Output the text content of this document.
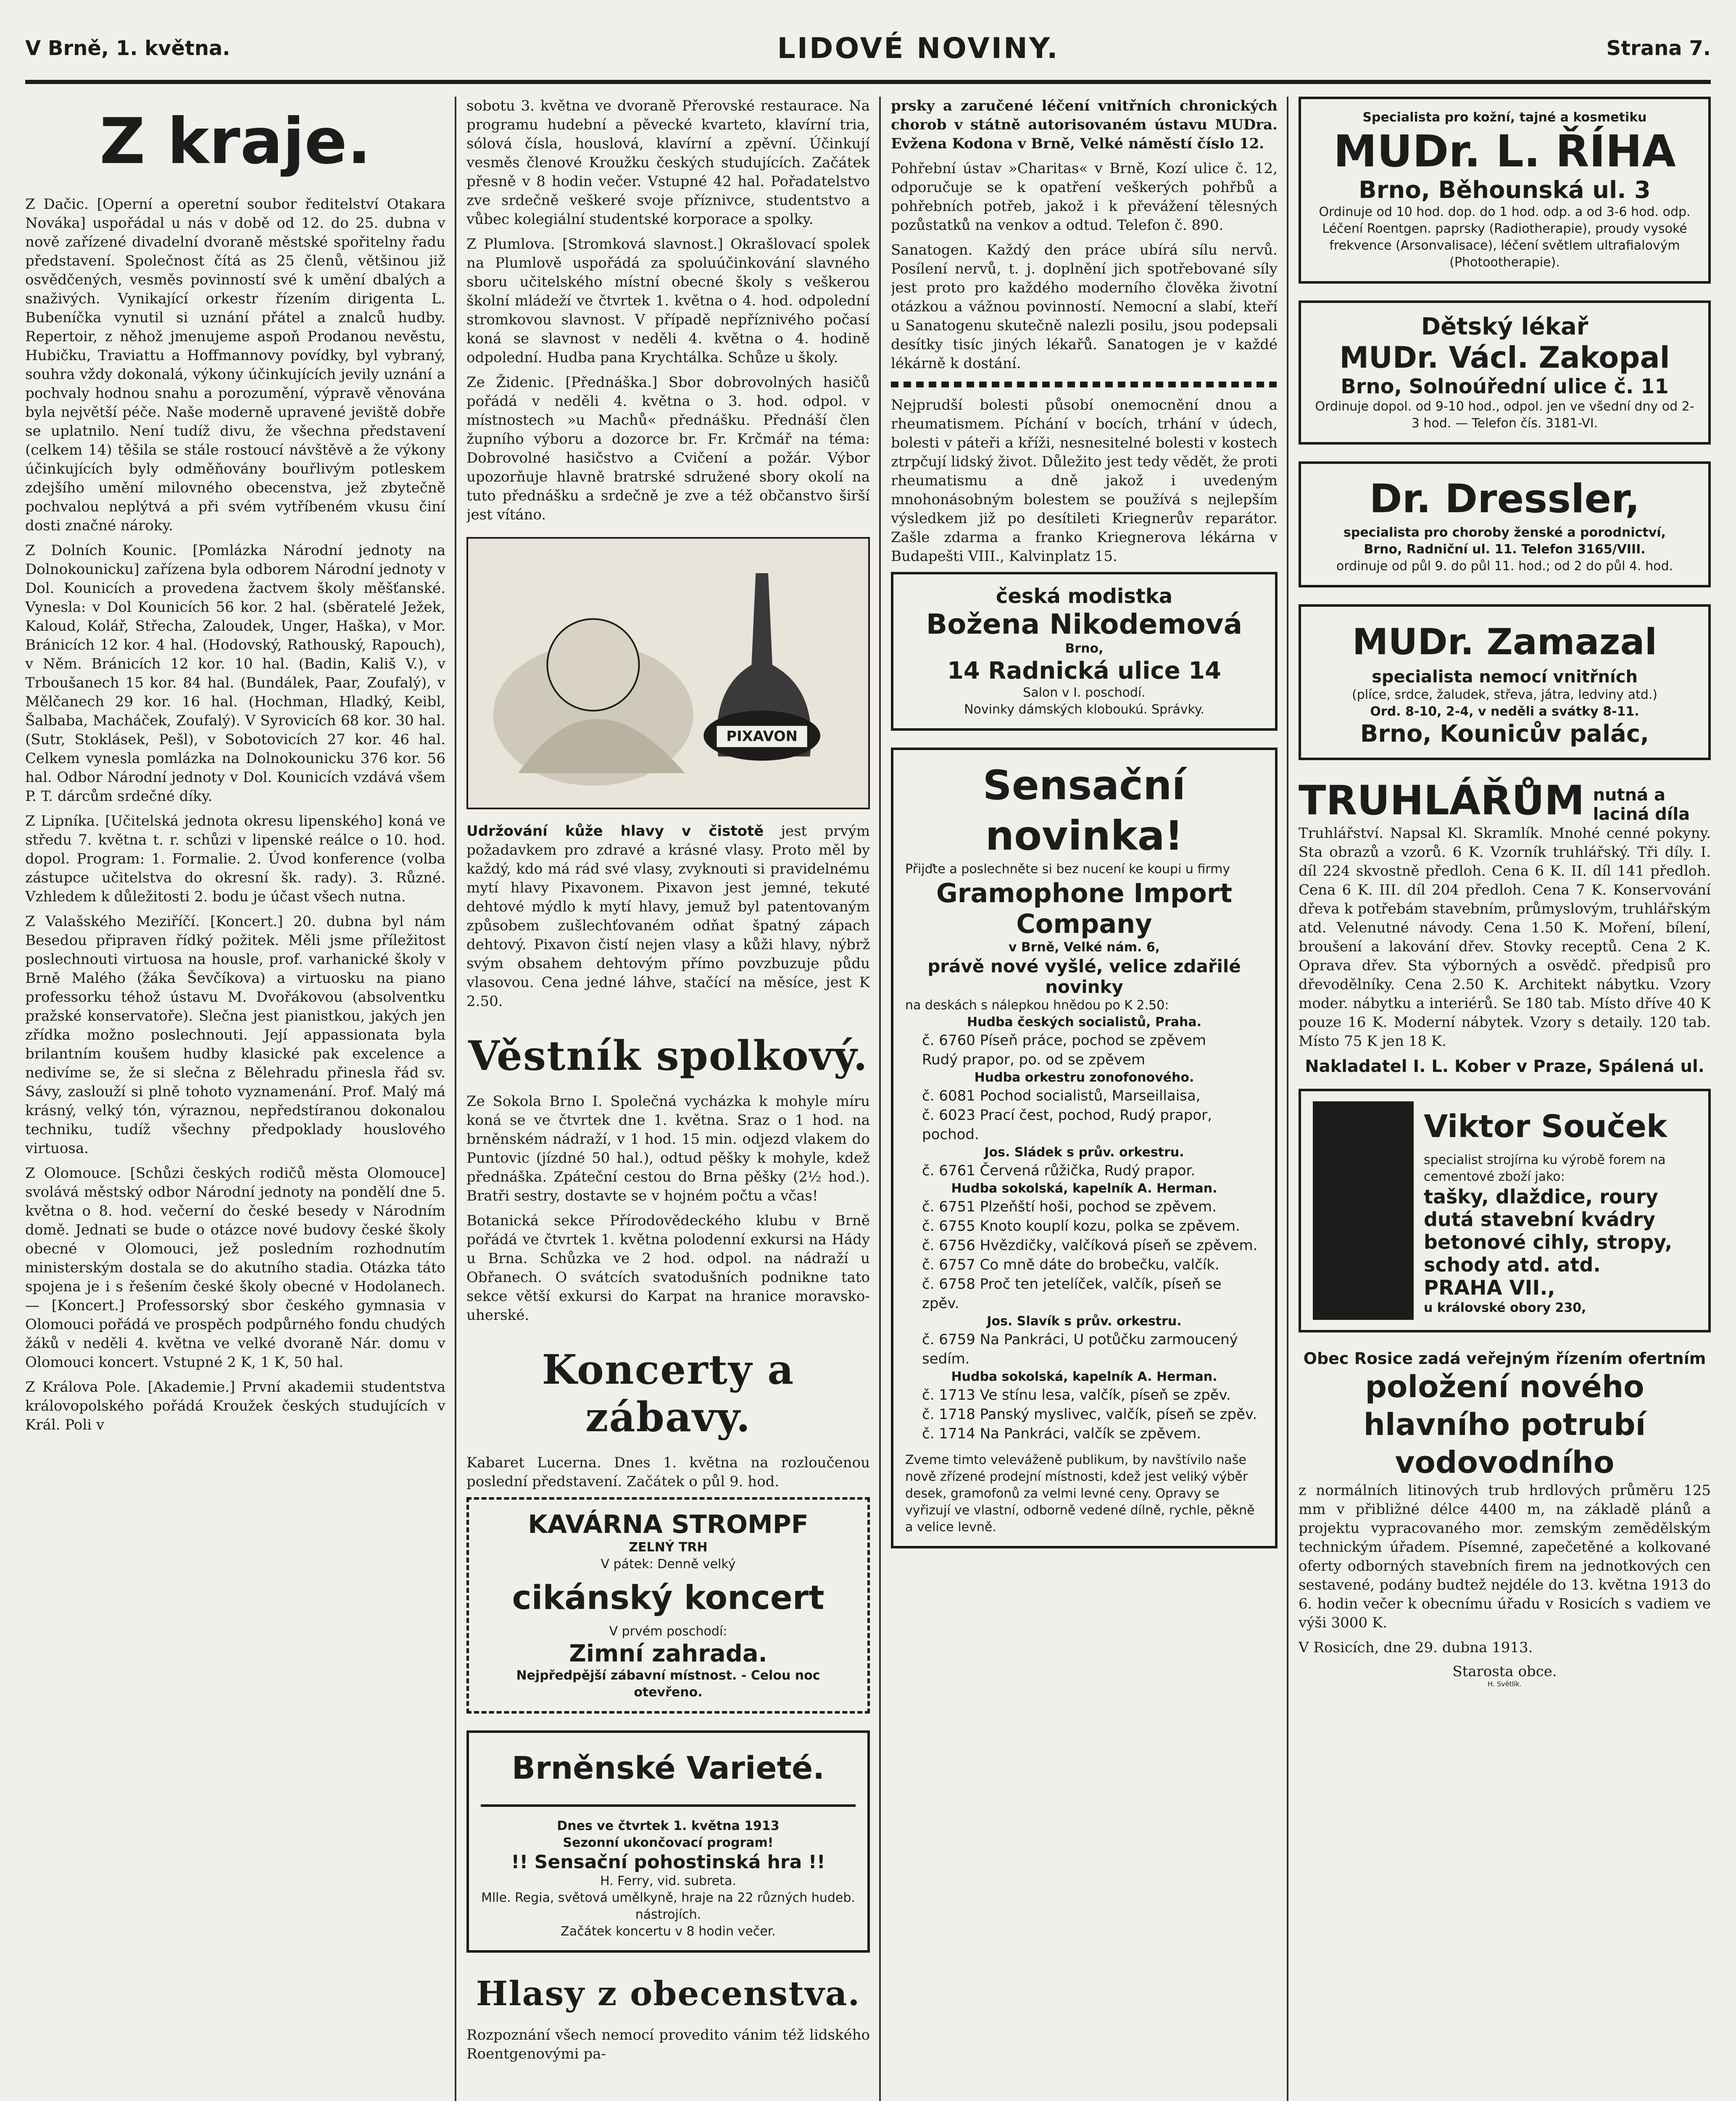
V Brně, 1. května.	LIDOVÉ NOVINY.	Strana 7.
Z kraje.

Z Dačic. [Operní a operetní soubor ředitelství Otakara Nováka] uspořádal u nás v době od 12. do 25. dubna v nově zařízené divadelní dvoraně městské spořitelny řadu představení. Společnost čítá as 25 členů, většinou již osvědčených, vesměs povinností své k umění dbalých a snaživých. Vynikající orkestr řízením dirigenta L. Bubeníčka vynutil si uznání přátel a znalců hudby. Repertoir, z něhož jmenujeme aspoň Prodanou nevěstu, Hubičku, Traviattu a Hoffmannovy povídky, byl vybraný, souhra vždy dokonalá, výkony účinkujících jevily uznání a pochvaly hodnou snahu a porozumění, výpravě věnována byla největší péče. Naše moderně upravené jeviště dobře se uplatnilo. Není tudíž divu, že všechna představení (celkem 14) těšila se stále rostoucí návštěvě a že výkony účinkujících byly odměňovány bouřlivým potleskem zdejšího umění milovného obecenstva, jež zbytečně pochvalou neplýtvá a při svém vytříbeném vkusu činí dosti značné nároky.

Z Dolních Kounic. [Pomlázka Národní jednoty na Dolnokounicku] zařízena byla odborem Národní jednoty v Dol. Kounicích a provedena žactvem školy měšťanské. Vynesla: v Dol Kounicích 56 kor. 2 hal. (sběratelé Ježek, Kaloud, Kolář, Střecha, Zaloudek, Unger, Haška), v Mor. Bránicích 12 kor. 4 hal. (Hodovský, Rathouský, Rapouch), v Něm. Bránicích 12 kor. 10 hal. (Badin, Kališ V.), v Trboušanech 15 kor. 84 hal. (Bundálek, Paar, Zoufalý), v Mělčanech 29 kor. 16 hal. (Hochman, Hladký, Keibl, Šalbaba, Macháček, Zoufalý). V Syrovicích 68 kor. 30 hal. (Sutr, Stoklásek, Pešl), v Sobotovicích 27 kor. 46 hal. Celkem vynesla pomlázka na Dolnokounicku 376 kor. 56 hal. Odbor Národní jednoty v Dol. Kounicích vzdává všem P. T. dárcům srdečné díky.

Z Lipníka. [Učitelská jednota okresu lipenského] koná ve středu 7. května t. r. schůzi v lipenské reálce o 10. hod. dopol. Program: 1. Formalie. 2. Úvod konference (volba zástupce učitelstva do okresní šk. rady). 3. Různé. Vzhledem k důležitosti 2. bodu je účast všech nutna.

Z Valašského Meziříčí. [Koncert.] 20. dubna byl nám Besedou připraven řídký požitek. Měli jsme příležitost poslechnouti virtuosa na housle, prof. varhanické školy v Brně Malého (žáka Ševčíkova) a virtuosku na piano professorku téhož ústavu M. Dvořákovou (absolventku pražské konservatoře). Slečna jest pianistkou, jakých jen zřídka možno poslechnouti. Její appassionata byla brilantním koušem hudby klasické pak excelence a nedivíme se, že si slečna z Bělehradu přinesla řád sv. Sávy, zaslouží si plně tohoto vyznamenání. Prof. Malý má krásný, velký tón, výraznou, nepředstíranou dokonalou techniku, tudíž všechny předpoklady houslového virtuosa.

Z Olomouce. [Schůzi českých rodičů města Olomouce] svolává městský odbor Národní jednoty na pondělí dne 5. května o 8. hod. večerní do české besedy v Národním domě. Jednati se bude o otázce nové budovy české školy obecné v Olomouci, jež posledním rozhodnutím ministerským dostala se do akutního stadia. Otázka táto spojena je i s řešením české školy obecné v Hodolanech. — [Koncert.] Professorský sbor českého gymnasia v Olomouci pořádá ve prospěch podpůrného fondu chudých žáků v neděli 4. května ve velké dvoraně Nár. domu v Olomouci koncert. Vstupné 2 K, 1 K, 50 hal.

Z Králova Pole. [Akademie.] První akademii studentstva královopolského pořádá Kroužek českých studujících v Král. Poli v

sobotu 3. května ve dvoraně Přerovské restaurace. Na programu hudební a pěvecké kvarteto, klavírní tria, sólová čísla, houslová, klavírní a zpěvní. Účinkují vesměs členové Kroužku českých studujících. Začátek přesně v 8 hodin večer. Vstupné 42 hal. Pořadatelstvo zve srdečně veškeré svoje příznivce, studentstvo a vůbec kolegiální studentské korporace a spolky.

Z Plumlova. [Stromková slavnost.] Okrašlovací spolek na Plumlově uspořádá za spoluúčinkování slavného sboru učitelského místní obecné školy s veškerou školní mládeží ve čtvrtek 1. května o 4. hod. odpolední stromkovou slavnost. V případě nepříznivého počasí koná se slavnost v neděli 4. května o 4. hodině odpolední. Hudba pana Krychtálka. Schůze u školy.

Ze Židenic. [Přednáška.] Sbor dobrovolných hasičů pořádá v neděli 4. května o 3. hod. odpol. v místnostech »u Machů« přednášku. Přednáší člen župního výboru a dozorce br. Fr. Krčmář na téma: Dobrovolné hasičstvo a Cvičení a požár. Výbor upozorňuje hlavně bratrské sdružené sbory okolí na tuto přednášku a srdečně je zve a též občanstvo širší jest vítáno.

PIXAVON

Udržování kůže hlavy v čistotě jest prvým požadavkem pro zdravé a krásné vlasy. Proto měl by každý, kdo má rád své vlasy, zvyknouti si pravidelnému mytí hlavy Pixavonem. Pixavon jest jemné, tekuté dehtové mýdlo k mytí hlavy, jemuž byl patentovaným způsobem zušlechťovaném odňat špatný zápach dehtový. Pixavon čistí nejen vlasy a kůži hlavy, nýbrž svým obsahem dehtovým přímo povzbuzuje půdu vlasovou. Cena jedné láhve, stačící na měsíce, jest K 2.50.

Věstník spolkový.

Ze Sokola Brno I. Společná vycházka k mohyle míru koná se ve čtvrtek dne 1. května. Sraz o 1 hod. na brněnském nádraží, v 1 hod. 15 min. odjezd vlakem do Puntovic (jízdné 50 hal.), odtud pěšky k mohyle, kdež přednáška. Zpáteční cestou do Brna pěšky (2½ hod.). Bratři sestry, dostavte se v hojném počtu a včas!

Botanická sekce Přírodovědeckého klubu v Brně pořádá ve čtvrtek 1. května polodenní exkursi na Hády u Brna. Schůzka ve 2 hod. odpol. na nádraží u Obřanech. O svátcích svatodušních podnikne tato sekce větší exkursi do Karpat na hranice moravsko-uherské.

Koncerty a zábavy.

Kabaret Lucerna. Dnes 1. května na rozloučenou poslední představení. Začátek o půl 9. hod.

KAVÁRNA STROMPF
ZELNÝ TRH
V pátek: Denně velký
cikánský koncert
V prvém poschodí:
Zimní zahrada.
Nejpředpější zábavní místnost. - Celou noc otevřeno.
Brněnské Varieté.
Dnes ve čtvrtek 1. května 1913
Sezonní ukončovací program!
!! Sensační pohostinská hra !!
H. Ferry, vid. subreta.
Mlle. Regia, světová umělkyně, hraje na 22 různých hudeb. nástrojích.
Začátek koncertu v 8 hodin večer.
Hlasy z obecenstva.

Rozpoznání všech nemocí provedito vánim též lidského Roentgenovými pa-

prsky a zaručené léčení vnitřních chronických chorob v státně autorisovaném ústavu MUDra. Evžena Kodona v Brně, Velké náměstí číslo 12.

Pohřební ústav »Charitas« v Brně, Kozí ulice č. 12, odporučuje se k opatření veškerých pohřbů a pohřebních potřeb, jakož i k převážení tělesných pozůstatků na venkov a odtud. Telefon č. 890.

Sanatogen. Každý den práce ubírá sílu nervů. Posílení nervů, t. j. doplnění jich spotřebované síly jest proto pro každého moderního člověka životní otázkou a vážnou povinností. Nemocní a slabí, kteří u Sanatogenu skutečně nalezli posilu, jsou podepsali desítky tisíc jiných lékařů. Sanatogen je v každé lékárně k dostání.

Nejprudší bolesti působí onemocnění dnou a rheumatismem. Píchání v bocích, trhání v údech, bolesti v páteři a kříži, nesnesitelné bolesti v kostech ztrpčují lidský život. Důležito jest tedy vědět, že proti rheumatismu a dně jakož i uvedeným mnohonásobným bolestem se používá s nejlepším výsledkem již po desítileti Kriegnerův reparátor. Zašle zdarma a franko Kriegnerova lékárna v Budapešti VIII., Kalvinplatz 15.

česká modistka
Božena Nikodemová
Brno,
14 Radnická ulice 14
Salon v I. poschodí.
Novinky dámských kloboukú. Správky.
Sensační novinka!
Přijďte a poslechněte si bez nucení ke koupi u firmy
Gramophone Import Company
v Brně, Velké nám. 6,
právě nové vyšlé, velice zdařilé novinky
na deskách s nálepkou hnědou po K 2.50:
Hudba českých socialistů, Praha.
č. 6760 Píseň práce, pochod se zpěvem
Rudý prapor, po. od se zpěvem
Hudba orkestru zonofonového.
č. 6081 Pochod socialistů, Marseillaisa,
č. 6023 Prací čest, pochod, Rudý prapor, pochod.
Jos. Sládek s prův. orkestru.
č. 6761 Červená růžička, Rudý prapor.
Hudba sokolská, kapelník A. Herman.
č. 6751 Plzeňští hoši, pochod se zpěvem.
č. 6755 Knoto kouplí kozu, polka se zpěvem.
č. 6756 Hvězdičky, valčíková píseň se zpěvem.
č. 6757 Co mně dáte do brobečku, valčík.
č. 6758 Proč ten jetelíček, valčík, píseň se zpěv.
Jos. Slavík s prův. orkestru.
č. 6759 Na Pankráci, U potůčku zarmoucený sedím.
Hudba sokolská, kapelník A. Herman.
č. 1713 Ve stínu lesa, valčík, píseň se zpěv.
č. 1718 Panský myslivec, valčík, píseň se zpěv.
č. 1714 Na Pankráci, valčík se zpěvem.
Zveme timto veleváženě publikum, by navštívilo naše nově zřízené prodejní místnosti, kdež jest veliký výběr desek, gramofonů za velmi levné ceny. Opravy se vyřizují ve vlastní, odborně vedené dílně, rychle, pěkně a velice levně.
Specialista pro kožní, tajné a kosmetiku
MUDr. L. ŘÍHA
Brno, Běhounská ul. 3
Ordinuje od 10 hod. dop. do 1 hod. odp. a od 3-6 hod. odp.
Léčení Roentgen. paprsky (Radiotherapie), proudy vysoké frekvence (Arsonvalisace), léčení světlem ultrafialovým (Photootherapie).
Dětský lékař
MUDr. Václ. Zakopal
Brno, Solnoúřední ulice č. 11
Ordinuje dopol. od 9-10 hod., odpol. jen ve všední dny od 2-3 hod. — Telefon čís. 3181-VI.
Dr. Dressler,
specialista pro choroby ženské a porodnictví,
Brno, Radniční ul. 11. Telefon 3165/VIII.
ordinuje od půl 9. do půl 11. hod.; od 2 do půl 4. hod.
MUDr. Zamazal
specialista nemocí vnitřních
(plíce, srdce, žaludek, střeva, játra, ledviny atd.)
Ord. 8-10, 2-4, v neděli a svátky 8-11.
Brno, Kounicův palác,
TRUHLÁŘŮM nutná a laciná díla

Truhlářství. Napsal Kl. Skramlík. Mnohé cenné pokyny. Sta obrazů a vzorů. 6 K. Vzorník truhlářský. Tři díly. I. díl 224 skvostně předloh. Cena 6 K. II. díl 141 předloh. Cena 6 K. III. díl 204 předloh. Cena 7 K. Konservování dřeva k potřebám stavebním, průmyslovým, truhlářským atd. Velenutné návody. Cena 1.50 K. Moření, bílení, broušení a lakování dřev. Stovky receptů. Cena 2 K. Oprava dřev. Sta výborných a osvědč. předpisů pro dřevodělníky. Cena 2.50 K. Architekt nábytku. Vzory moder. nábytku a interiérů. Se 180 tab. Místo dříve 40 K pouze 16 K. Moderní nábytek. Vzory s detaily. 120 tab. Místo 75 K jen 18 K.

Nakladatel I. L. Kober v Praze, Spálená ul.
Viktor Souček
specialist strojírna ku výrobě forem na cementové zboží jako:
tašky, dlaždice, roury dutá stavební kvádry betonové cihly, stropy, schody atd. atd.
PRAHA VII.,
u královské obory 230,
Obec Rosice zadá veřejným řízením ofertním
položení nového hlavního potrubí vodovodního

z normálních litinových trub hrdlových průměru 125 mm v přibližné délce 4400 m, na základě plánů a projektu vypracovaného mor. zemským zemědělským technickým úřadem. Písemné, zapečetěné a kolkované oferty odborných stavebních firem na jednotkových cen sestavené, podány budtež nejdéle do 13. května 1913 do 6. hodin večer k obecnímu úřadu v Rosicích s vadiem ve výši 3000 K.

V Rosicích, dne 29. dubna 1913.

Starosta obce.
H. Světlík.
